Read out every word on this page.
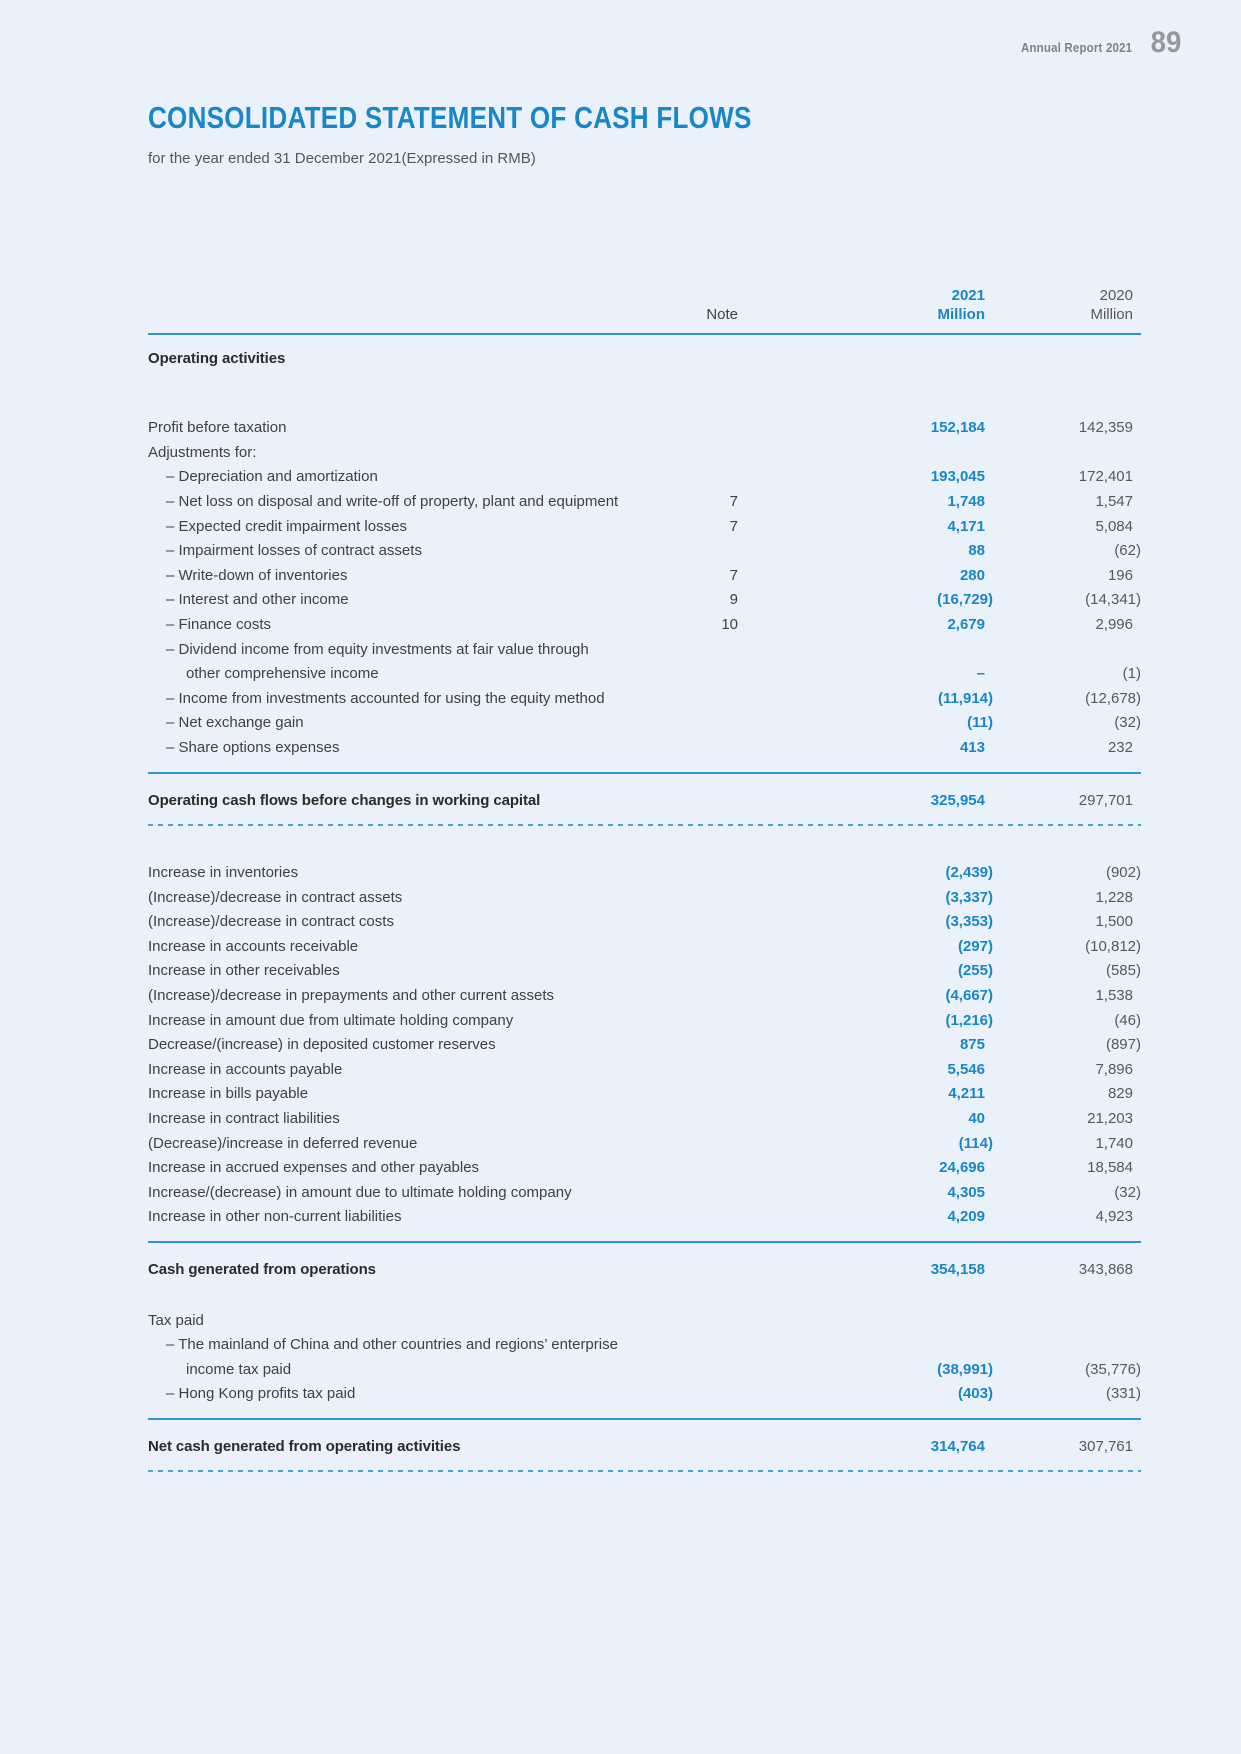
Annual Report 2021 89
CONSOLIDATED STATEMENT OF CASH FLOWS

for the year ended 31 December 2021(Expressed in RMB)

2021	2020
Note	Million	Million
Operating activities
Profit before taxation	152,184	142,359
Adjustments for:
– Depreciation and amortization	193,045	172,401
– Net loss on disposal and write-off of property, plant and equipment	7	1,748	1,547
– Expected credit impairment losses	7	4,171	5,084
– Impairment losses of contract assets	88	(62)
– Write-down of inventories	7	280	196
– Interest and other income	9	(16,729)	(14,341)
– Finance costs	10	2,679	2,996
– Dividend income from equity investments at fair value through
other comprehensive income	–	(1)
– Income from investments accounted for using the equity method	(11,914)	(12,678)
– Net exchange gain	(11)	(32)
– Share options expenses	413	232
Operating cash flows before changes in working capital	325,954	297,701
Increase in inventories	(2,439)	(902)
(Increase)/decrease in contract assets	(3,337)	1,228
(Increase)/decrease in contract costs	(3,353)	1,500
Increase in accounts receivable	(297)	(10,812)
Increase in other receivables	(255)	(585)
(Increase)/decrease in prepayments and other current assets	(4,667)	1,538
Increase in amount due from ultimate holding company	(1,216)	(46)
Decrease/(increase) in deposited customer reserves	875	(897)
Increase in accounts payable	5,546	7,896
Increase in bills payable	4,211	829
Increase in contract liabilities	40	21,203
(Decrease)/increase in deferred revenue	(114)	1,740
Increase in accrued expenses and other payables	24,696	18,584
Increase/(decrease) in amount due to ultimate holding company	4,305	(32)
Increase in other non-current liabilities	4,209	4,923
Cash generated from operations	354,158	343,868
Tax paid
– The mainland of China and other countries and regions’ enterprise
income tax paid	(38,991)	(35,776)
– Hong Kong profits tax paid	(403)	(331)
Net cash generated from operating activities	314,764	307,761
